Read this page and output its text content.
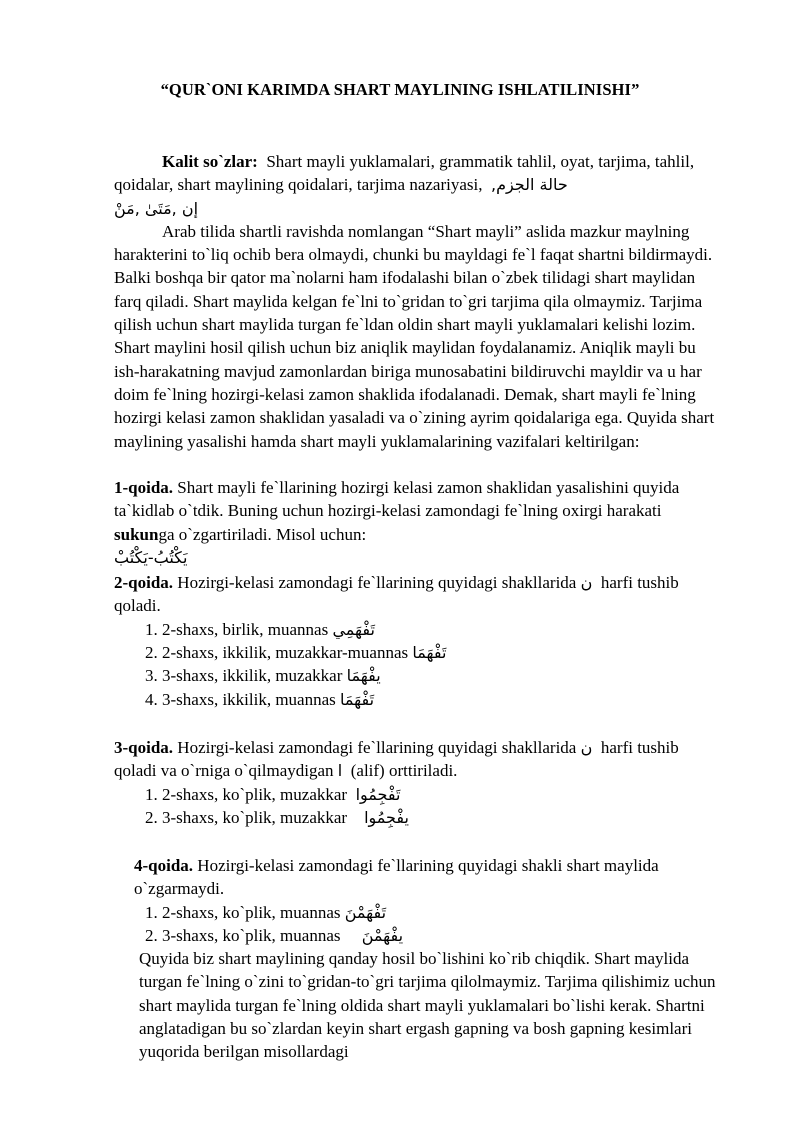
“QUR`ONI KARIMDA SHART MAYLINING ISHLATILINISHI”

Kalit so`zlar: Shart mayli yuklamalari, grammatik tahlil, oyat, tarjima, tahlil, qoidalar, shart maylining qoidalari, tarjima nazariyasi, حالة الجزم,
إن ,مَتَىٰ ,مَنْ

Arab tilida shartli ravishda nomlangan “Shart mayli” aslida mazkur maylning harakterini to`liq ochib bera olmaydi, chunki bu mayldagi fe`l faqat shartni bildirmaydi. Balki boshqa bir qator ma`nolarni ham ifodalashi bilan o`zbek tilidagi shart maylidan farq qiladi. Shart maylida kelgan fe`lni to`gridan to`gri tarjima qila olmaymiz. Tarjima qilish uchun shart maylida turgan fe`ldan oldin shart mayli yuklamalari kelishi lozim. Shart maylini hosil qilish uchun biz aniqlik maylidan foydalanamiz. Aniqlik mayli bu ish-harakatning mavjud zamonlardan biriga munosabatini bildiruvchi mayldir va u har doim fe`lning hozirgi-kelasi zamon shaklida ifodalanadi. Demak, shart mayli fe`lning hozirgi kelasi zamon shaklidan yasaladi va o`zining ayrim qoidalariga ega. Quyida shart maylining yasalishi hamda shart mayli yuklamalarining vazifalari keltirilgan:

1-qoida. Shart mayli fe`llarining hozirgi kelasi zamon shaklidan yasalishini quyida ta`kidlab o`tdik. Buning uchun hozirgi-kelasi zamondagi fe`lning oxirgi harakati sukunga o`zgartiriladi. Misol uchun:

يَكْتُبُ-يَكْتُبْ

2-qoida. Hozirgi-kelasi zamondagi fe`llarining quyidagi shakllarida ن harfi tushib qoladi.

1. 2-shaxs, birlik, muannas تَفْهَمِي
2. 2-shaxs, ikkilik, muzakkar-muannas تَفْهَمَا
3. 3-shaxs, ikkilik, muzakkar يفْهَمَا
4. 3-shaxs, ikkilik, muannas تَفْهَمَا

3-qoida. Hozirgi-kelasi zamondagi fe`llarining quyidagi shakllarida ن harfi tushib qoladi va o`rniga o`qilmaydigan ا (alif) orttiriladi.

1. 2-shaxs, ko`plik, muzakkar تَفْجِمُوا
2. 3-shaxs, ko`plik, muzakkar يفْجِمُوا

4-qoida. Hozirgi-kelasi zamondagi fe`llarining quyidagi shakli shart maylida o`zgarmaydi.

1. 2-shaxs, ko`plik, muannas تَفْهَمْنَ
2. 3-shaxs, ko`plik, muannas يفْهَمْنَ

Quyida biz shart maylining qanday hosil bo`lishini ko`rib chiqdik. Shart maylida turgan fe`lning o`zini to`gridan-to`gri tarjima qilolmaymiz. Tarjima qilishimiz uchun shart maylida turgan fe`lning oldida shart mayli yuklamalari bo`lishi kerak. Shartni anglatadigan bu so`zlardan keyin shart ergash gapning va bosh gapning kesimlari yuqorida berilgan misollardagi
